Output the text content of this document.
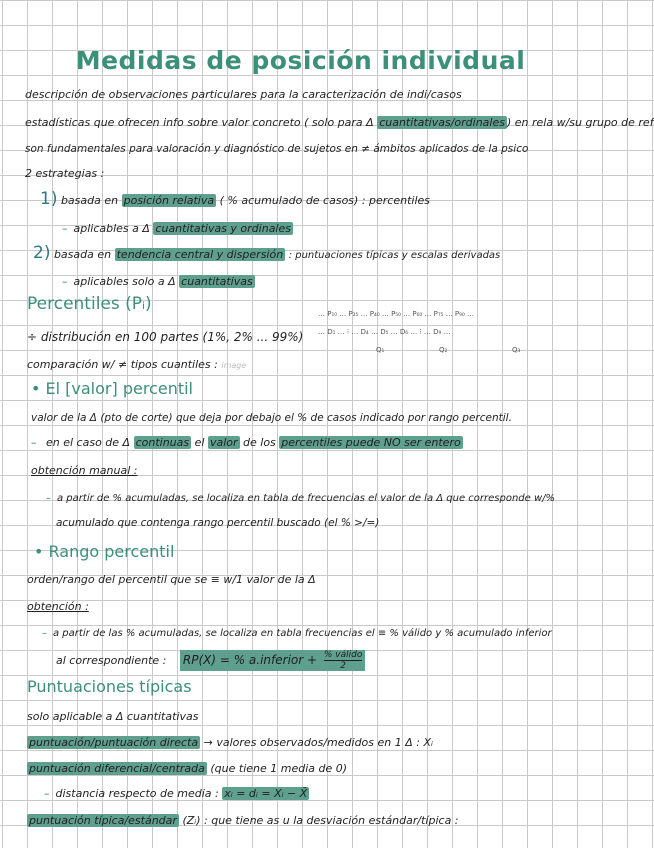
Medidas de posición individual
descripción de observaciones particulares para la caracterización de indi/casos
estadísticas que ofrecen info sobre valor concreto ( solo para Δ cuantitativas/ordinales ) en rela w/su grupo de ref
son fundamentales para valoración y diagnóstico de sujetos en ≠ ámbitos aplicados de la psico
2 estrategias :
1) basada en posición relativa ( % acumulado de casos) : percentiles
– aplicables a Δ cuantitativas y ordinales
2) basada en tendencia central y dispersión : puntuaciones típicas y escalas derivadas
– aplicables solo a Δ cuantitativas
Percentiles (Pᵢ)
÷ distribución en 100 partes (1%, 2% ... 99%)
comparación w/ ≠ tipos cuantiles : image
… P₁₀ … P₂₅ … P₄₀ … P₅₀ … P₆₀ … P₇₅ … P₉₀ …
… D₁ … ⁝ … D₄ … D₅ … D₆ … ⁝ … D₉ …
Q₁	Q₂	Q₃
• El [valor] percentil
valor de la Δ (pto de corte) que deja por debajo el % de casos indicado por rango percentil.
– en el caso de Δ continuas el valor de los percentiles puede NO ser entero
obtención manual :
– a partir de % acumuladas, se localiza en tabla de frecuencias el valor de la Δ que corresponde w/%
acumulado que contenga rango percentil buscado (el % >/=)
• Rango percentil
orden/rango del percentil que se ≡ w/1 valor de la Δ
obtención :
– a partir de las % acumuladas, se localiza en tabla frecuencias el ≡ % válido y % acumulado inferior
al correspondiente : RP(X) = % a.inferior + $\frac{\text{\% válido}}{2}$
Puntuaciones típicas
solo aplicable a Δ cuantitativas
puntuación/puntuación directa → valores observados/medidos en 1 Δ : Xᵢ
puntuación diferencial/centrada (que tiene 1 media de 0)
– distancia respecto de media : xᵢ = dᵢ = Xᵢ − X̄
puntuación típica/estándar (Zᵢ) : que tiene as u la desviación estándar/típica :
